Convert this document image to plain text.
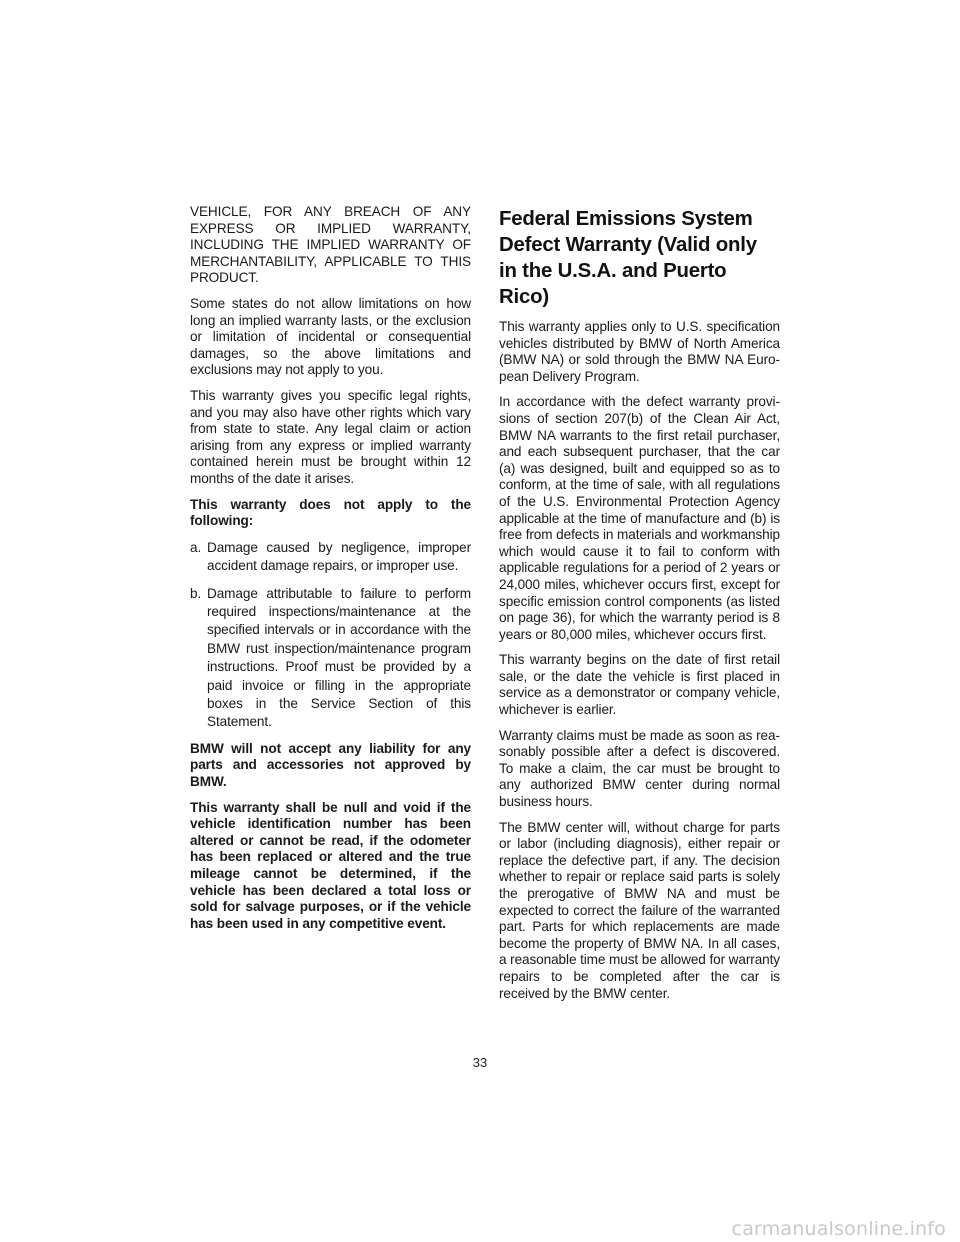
VEHICLE, FOR ANY BREACH OF ANY EXPRESS OR IMPLIED WARRANTY, INCLUDING THE IMPLIED WARRANTY OF MERCHANTABILITY, APPLICABLE TO THIS PRODUCT.

Some states do not allow limitations on how long an implied warranty lasts, or the exclusion or limitation of incidental or consequential damages, so the above limitations and exclusions may not apply to you.

This warranty gives you specific legal rights, and you may also have other rights which vary from state to state. Any legal claim or action arising from any express or implied warranty contained herein must be brought within 12 months of the date it arises.

This warranty does not apply to the following:

a. Damage caused by negligence, improper accident damage repairs, or improper use.
b. Damage attributable to failure to perform required inspections/maintenance at the specified intervals or in accordance with the BMW rust inspection/maintenance program instructions. Proof must be provided by a paid invoice or filling in the appropriate boxes in the Service Section of this Statement.

BMW will not accept any liability for any parts and accessories not approved by BMW.

This warranty shall be null and void if the vehicle identification number has been altered or cannot be read, if the odometer has been replaced or altered and the true mileage cannot be determined, if the vehicle has been declared a total loss or sold for salvage purposes, or if the vehicle has been used in any competitive event.

Federal Emissions System Defect Warranty (Valid only in the U.S.A. and Puerto Rico)

This warranty applies only to U.S. specification vehicles distributed by BMW of North America (BMW NA) or sold through the BMW NA European Delivery Program.

In accordance with the defect warranty provisions of section 207(b) of the Clean Air Act, BMW NA warrants to the first retail purchaser, and each subsequent purchaser, that the car (a) was designed, built and equipped so as to conform, at the time of sale, with all regulations of the U.S. Environmental Protection Agency applicable at the time of manufacture and (b) is free from defects in materials and workmanship which would cause it to fail to conform with applicable regulations for a period of 2 years or 24,000 miles, whichever occurs first, except for specific emission control components (as listed on page 36), for which the warranty period is 8 years or 80,000 miles, whichever occurs first.

This warranty begins on the date of first retail sale, or the date the vehicle is first placed in service as a demonstrator or company vehicle, whichever is earlier.

Warranty claims must be made as soon as reasonably possible after a defect is discovered. To make a claim, the car must be brought to any authorized BMW center during normal business hours.

The BMW center will, without charge for parts or labor (including diagnosis), either repair or replace the defective part, if any. The decision whether to repair or replace said parts is solely the prerogative of BMW NA and must be expected to correct the failure of the warranted part. Parts for which replacements are made become the property of BMW NA. In all cases, a reasonable time must be allowed for warranty repairs to be completed after the car is received by the BMW center.

33
carmanualsonline.info
